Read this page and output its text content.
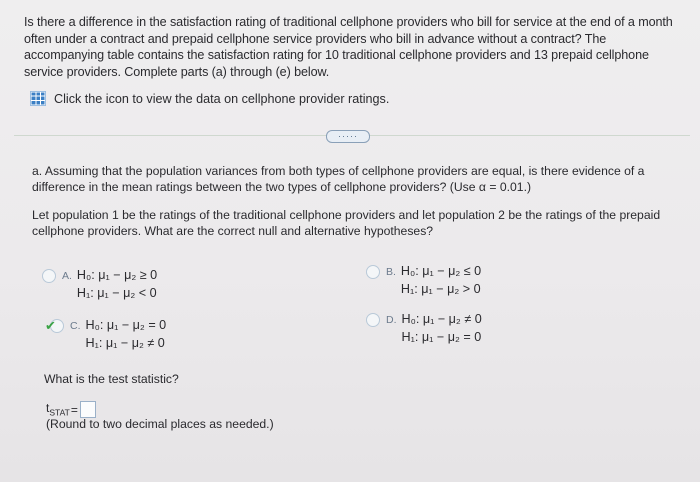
Is there a difference in the satisfaction rating of traditional cellphone providers who bill for service at the end of a month often under a contract and prepaid cellphone service providers who bill in advance without a contract? The accompanying table contains the satisfaction rating for 10 traditional cellphone providers and 13 prepaid cellphone service providers. Complete parts (a) through (e) below.
Click the icon to view the data on cellphone provider ratings.
·····
a. Assuming that the population variances from both types of cellphone providers are equal, is there evidence of a difference in the mean ratings between the two types of cellphone providers? (Use α = 0.01.)
Let population 1 be the ratings of the traditional cellphone providers and let population 2 be the ratings of the prepaid cellphone providers. What are the correct null and alternative hypotheses?
A. H₀: μ₁ − μ₂ ≥ 0
H₁: μ₁ − μ₂ < 0
B. H₀: μ₁ − μ₂ ≤ 0
H₁: μ₁ − μ₂ > 0
✔ C. H₀: μ₁ − μ₂ = 0
H₁: μ₁ − μ₂ ≠ 0
D. H₀: μ₁ − μ₂ ≠ 0
H₁: μ₁ − μ₂ = 0
What is the test statistic?
$t_{STAT}$ =
(Round to two decimal places as needed.)
